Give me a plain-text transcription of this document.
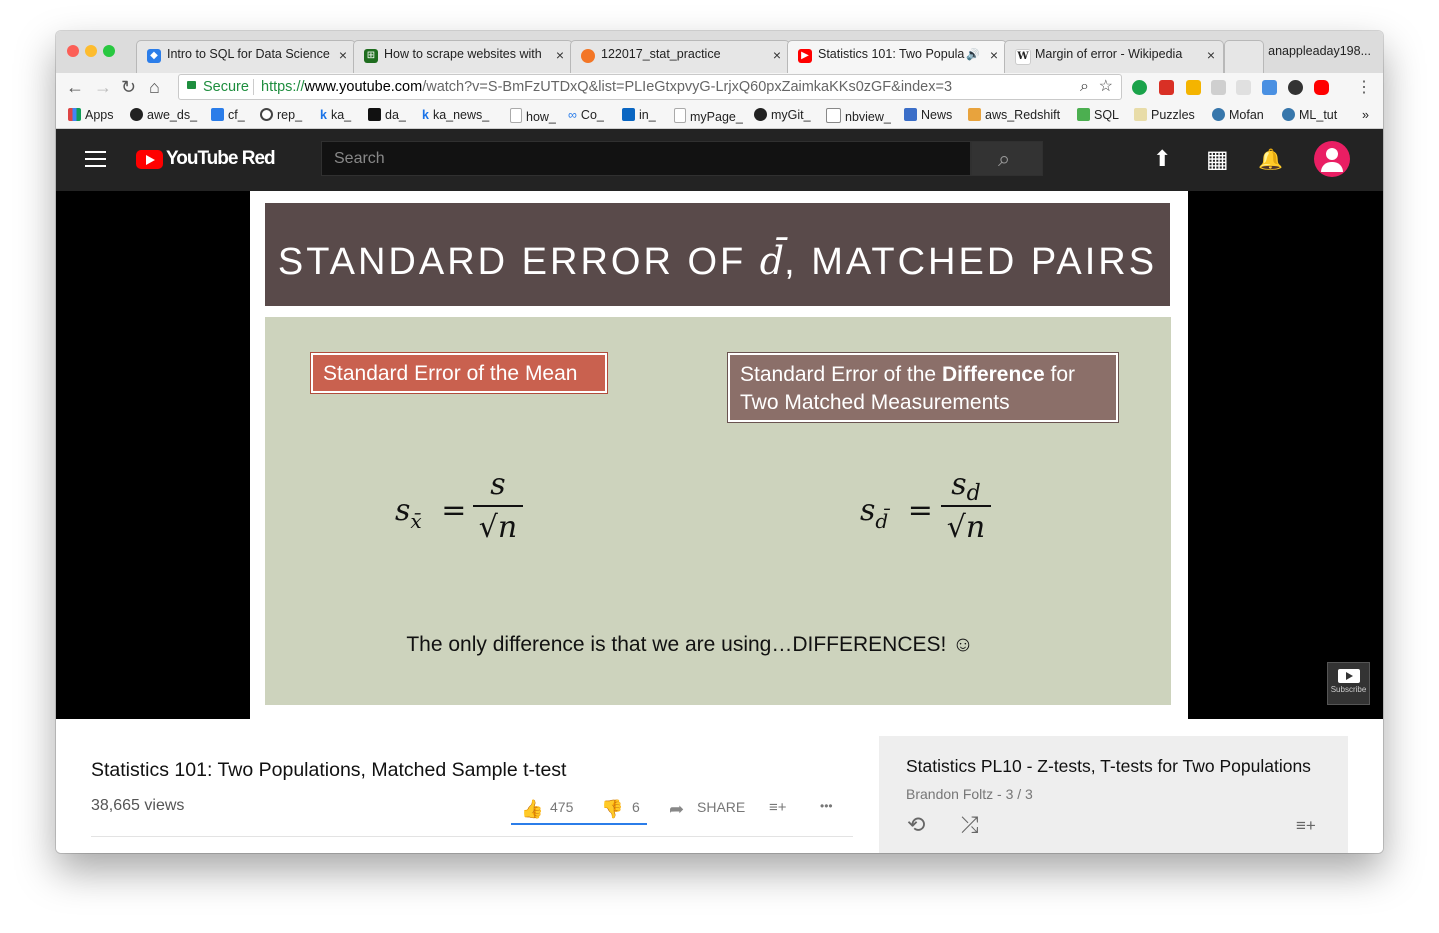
◆ Intro to SQL for Data Science × ⊞ How to scrape websites with ×	122017_stat_practice	×	▶ Statistics 101: Two Popula 🔊 × W Margin of error - Wikipedia ×	anappleaday198...
← → ↻ ⌂	Secure https://www.youtube.com/watch?v=S-BmFzUTDxQ&list=PLIeGtxpvyG-LrjxQ60pxZaimkaKKs0zGF&index=3	⌕ ☆	⋮
Apps	awe_ds_	cf_	rep_ k ka_	da_ k ka_news_	how_ ∞ Co_	in_	myPage_	myGit_	nbview_	News	aws_Redshift	SQL	Puzzles	Mofan	ML_tut »
YouTube Red	Search	⌕	⬆ ▦ 🔔
STANDARD ERROR OF d̄, MATCHED PAIRS
Standard Error of the Mean	Standard Error of the Difference for Two Matched Measurements
$s_{x̄}$ =
s
√n	$s_{d̄}$ =
$s_d$
√n
The only difference is that we are using…DIFFERENCES! ☺
Subscribe
Statistics 101: Two Populations, Matched Sample t-test
38,665 views	👍 475 👎 6 ➦ SHARE ≡+	•••
Statistics PL10 - Z-tests, T-tests for Two Populations
Brandon Foltz - 3 / 3
⟲ ⤮	≡+
